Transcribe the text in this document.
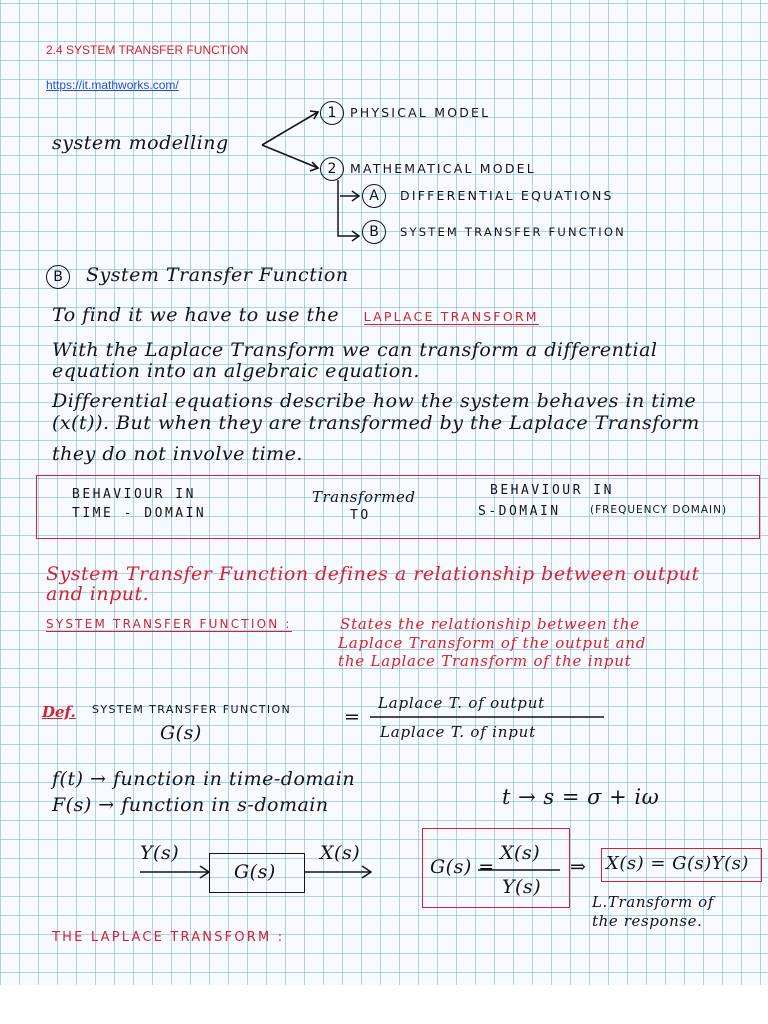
2.4 SYSTEM TRANSFER FUNCTION
https://it.mathworks.com/
system modelling
1 PHYSICAL MODEL
2 MATHEMATICAL MODEL
A DIFFERENTIAL EQUATIONS
B SYSTEM TRANSFER FUNCTION
B System Transfer Function
To find it we have to use the LAPLACE TRANSFORM
With the Laplace Transform we can transform a differential
equation into an algebraic equation.
Differential equations describe how the system behaves in time
(x(t)). But when they are transformed by the Laplace Transform
they do not involve time.
BEHAVIOUR IN
TIME - DOMAIN
Transformed
TO
BEHAVIOUR IN
S-DOMAIN	(FREQUENCY DOMAIN)
System Transfer Function defines a relationship between output
and input.
SYSTEM TRANSFER FUNCTION :	States the relationship between the
Laplace Transform of the output and
the Laplace Transform of the input
Def. SYSTEM TRANSFER FUNCTION
G(s)
=
Laplace T. of output
Laplace T. of input
f(t) → function in time-domain
F(s) → function in s-domain	t → s = σ + iω
Y(s)
G(s)
X(s)
G(s) =
X(s)
Y(s)
⇒ X(s) = G(s)Y(s)
L.Transform of
the response.
THE LAPLACE TRANSFORM :
